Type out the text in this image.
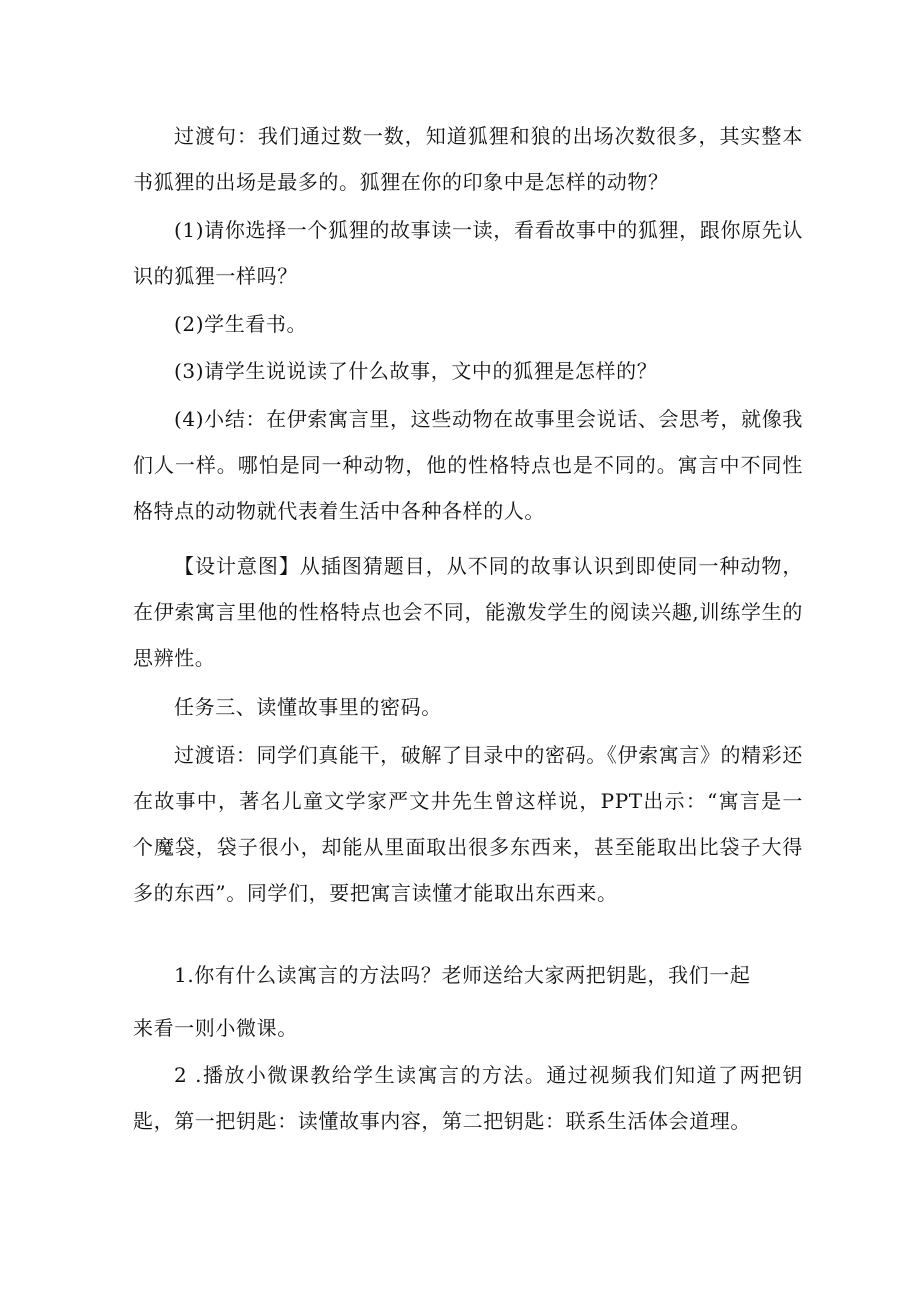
过渡句：我们通过数一数，知道狐狸和狼的出场次数很多，其实整本书狐狸的出场是最多的。狐狸在你的印象中是怎样的动物？

(1)请你选择一个狐狸的故事读一读，看看故事中的狐狸，跟你原先认识的狐狸一样吗？

(2)学生看书。

(3)请学生说说读了什么故事，文中的狐狸是怎样的？

(4)小结：在伊索寓言里，这些动物在故事里会说话、会思考，就像我们人一样。哪怕是同一种动物，他的性格特点也是不同的。寓言中不同性格特点的动物就代表着生活中各种各样的人。

【设计意图】从插图猜题目，从不同的故事认识到即使同一种动物，在伊索寓言里他的性格特点也会不同，能激发学生的阅读兴趣,训练学生的思辨性。

任务三、读懂故事里的密码。

过渡语：同学们真能干，破解了目录中的密码。《伊索寓言》的精彩还在故事中，著名儿童文学家严文井先生曾这样说，PPT出示：“寓言是一个魔袋，袋子很小，却能从里面取出很多东西来，甚至能取出比袋子大得多的东西”。同学们，要把寓言读懂才能取出东西来。

1.你有什么读寓言的方法吗？老师送给大家两把钥匙，我们一起

来看一则小微课。

2 .播放小微课教给学生读寓言的方法。通过视频我们知道了两把钥匙，第一把钥匙：读懂故事内容，第二把钥匙：联系生活体会道理。
